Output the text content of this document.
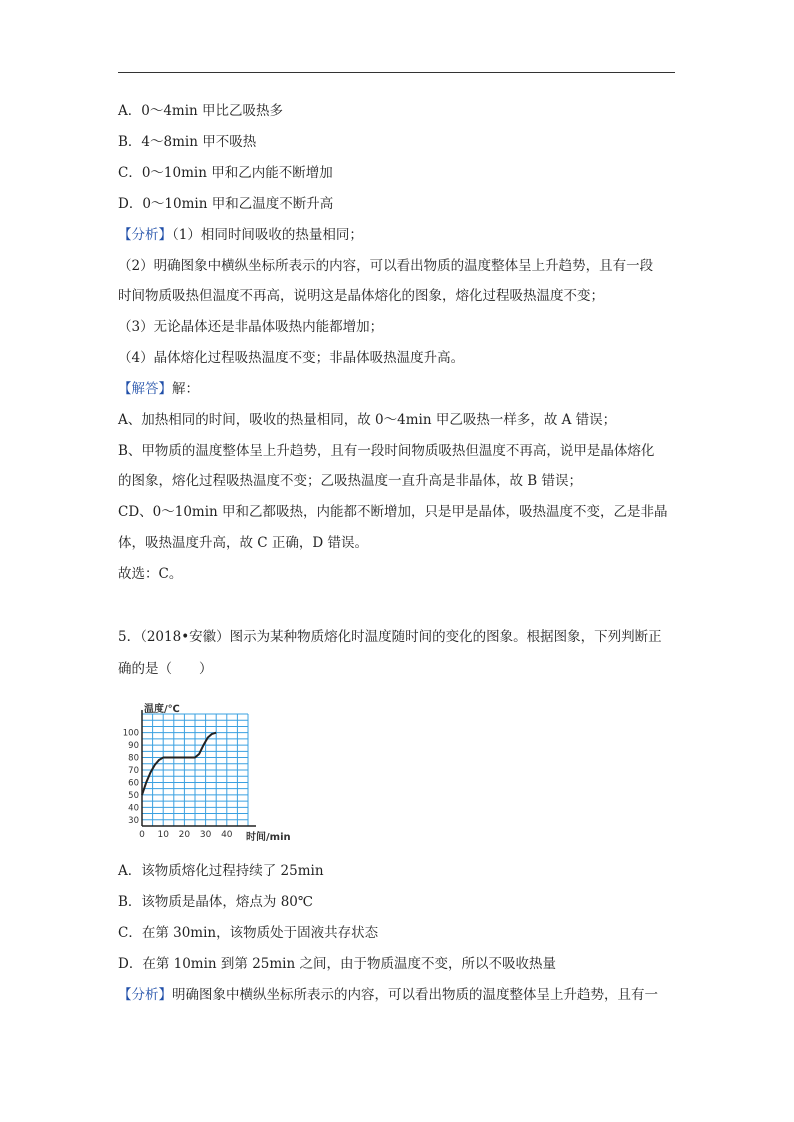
A．0～4min 甲比乙吸热多
B．4～8min 甲不吸热
C．0～10min 甲和乙内能不断增加
D．0～10min 甲和乙温度不断升高
【分析】（1）相同时间吸收的热量相同；
（2）明确图象中横纵坐标所表示的内容，可以看出物质的温度整体呈上升趋势，且有一段
时间物质吸热但温度不再高，说明这是晶体熔化的图象，熔化过程吸热温度不变；
（3）无论晶体还是非晶体吸热内能都增加；
（4）晶体熔化过程吸热温度不变；非晶体吸热温度升高。
【解答】解：
A、加热相同的时间，吸收的热量相同，故 0～4min 甲乙吸热一样多，故 A 错误；
B、甲物质的温度整体呈上升趋势，且有一段时间物质吸热但温度不再高，说甲是晶体熔化
的图象，熔化过程吸热温度不变；乙吸热温度一直升高是非晶体，故 B 错误；
CD、0～10min 甲和乙都吸热，内能都不断增加，只是甲是晶体，吸热温度不变，乙是非晶
体，吸热温度升高，故 C 正确，D 错误。
故选：C。
5．（2018•安徽）图示为某种物质熔化时温度随时间的变化的图象。根据图象，下列判断正
确的是（　　）
温度/℃
时间/min
0 10 20 30 40
30
40
50
60
70
80
90
100
A．该物质熔化过程持续了 25min
B．该物质是晶体，熔点为 80℃
C．在第 30min，该物质处于固液共存状态
D．在第 10min 到第 25min 之间，由于物质温度不变，所以不吸收热量
【分析】明确图象中横纵坐标所表示的内容，可以看出物质的温度整体呈上升趋势，且有一
